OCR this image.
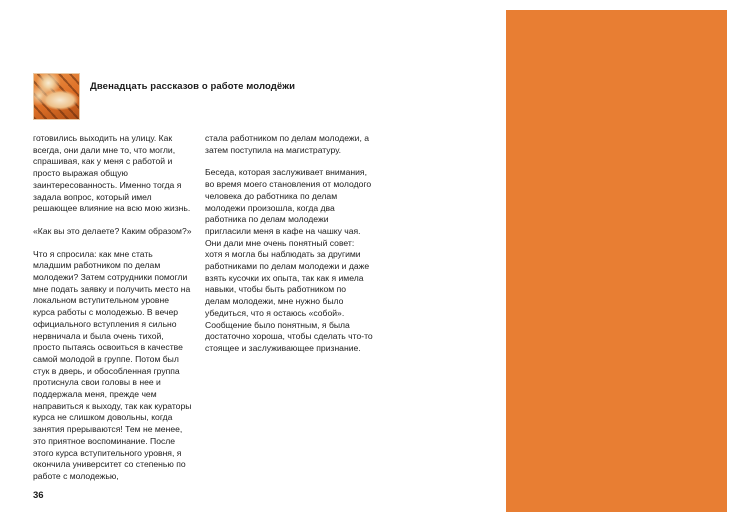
Двенадцать рассказов о работе молодёжи

готовились выходить на улицу. Как всегда, они дали мне то, что могли, спрашивая, как у меня с работой и просто выражая общую заинтересованность. Именно тогда я задала вопрос, который имел решающее влияние на всю мою жизнь.

«Как вы это делаете? Каким образом?»

Что я спросила: как мне стать младшим работником по делам молодежи? Затем сотрудники помогли мне подать заявку и получить место на локальном вступительном уровне курса работы с молодежью. В вечер официального вступления я сильно нервничала и была очень тихой, просто пытаясь освоиться в качестве самой молодой в группе. Потом был стук в дверь, и обособленная группа протиснула свои головы в нее и поддержала меня, прежде чем направиться к выходу, так как кураторы курса не слишком довольны, когда занятия прерываются! Тем не менее, это приятное воспоминание. После этого курса вступительного уровня, я окончила университет со степенью по работе с молодежью,

стала работником по делам молодежи, а затем поступила на магистратуру.

Беседа, которая заслуживает внимания, во время моего становления от молодого человека до работника по делам молодежи произошла, когда два работника по делам молодежи пригласили меня в кафе на чашку чая. Они дали мне очень понятный совет: хотя я могла бы наблюдать за другими работниками по делам молодежи и даже взять кусочки их опыта, так как я имела навыки, чтобы быть работником по делам молодежи, мне нужно было убедиться, что я остаюсь «собой». Сообщение было понятным, я была достаточно хороша, чтобы сделать что-то стоящее и заслуживающее признание.

36
